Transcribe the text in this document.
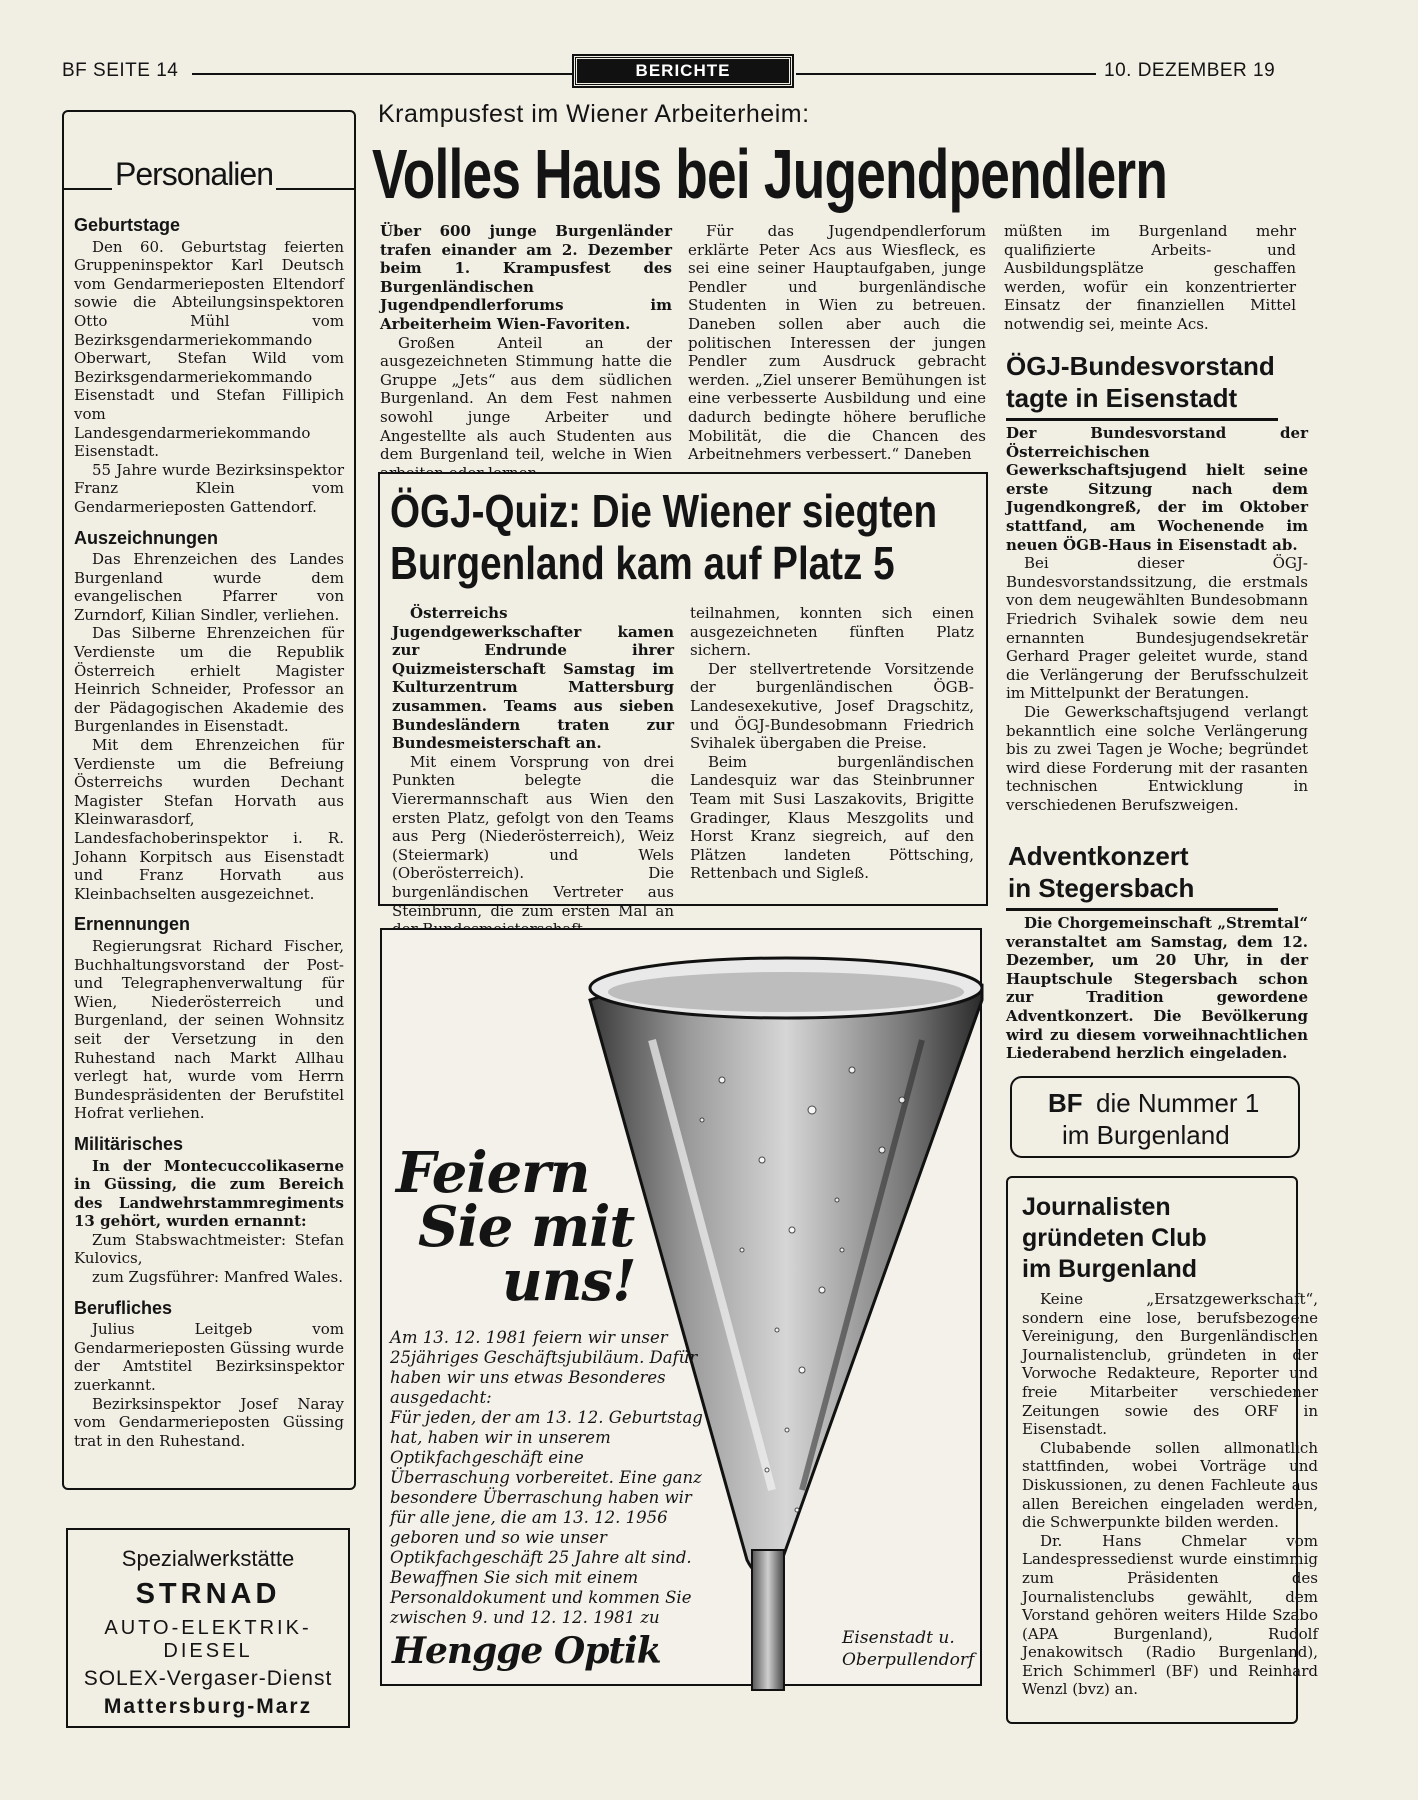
BF SEITE 14	BERICHTE	10. DEZEMBER 19
Personalien
Geburtstage

Den 60. Geburtstag feierten Gruppeninspektor Karl Deutsch vom Gendarmerieposten Eltendorf sowie die Abteilungsinspektoren Otto Mühl vom Bezirksgendarmeriekommando Oberwart, Stefan Wild vom Bezirksgendarmeriekommando Eisenstadt und Stefan Fillipich vom Landesgendarmeriekommando Eisenstadt.

55 Jahre wurde Bezirksinspektor Franz Klein vom Gendarmerieposten Gattendorf.

Auszeichnungen

Das Ehrenzeichen des Landes Burgenland wurde dem evangelischen Pfarrer von Zurndorf, Kilian Sindler, verliehen.

Das Silberne Ehrenzeichen für Verdienste um die Republik Österreich erhielt Magister Heinrich Schneider, Professor an der Pädagogischen Akademie des Burgenlandes in Eisenstadt.

Mit dem Ehrenzeichen für Verdienste um die Befreiung Österreichs wurden Dechant Magister Stefan Horvath aus Kleinwarasdorf, Landesfachoberinspektor i. R. Johann Korpitsch aus Eisenstadt und Franz Horvath aus Kleinbachselten ausgezeichnet.

Ernennungen

Regierungsrat Richard Fischer, Buchhaltungsvorstand der Post- und Telegraphenverwaltung für Wien, Niederösterreich und Burgenland, der seinen Wohnsitz seit der Versetzung in den Ruhestand nach Markt Allhau verlegt hat, wurde vom Herrn Bundespräsidenten der Berufstitel Hofrat verliehen.

Militärisches

In der Montecuccolikaserne in Güssing, die zum Bereich des Landwehrstammregiments 13 gehört, wurden ernannt:

Zum Stabswachtmeister: Stefan Kulovics,

zum Zugsführer: Manfred Wales.

Berufliches

Julius Leitgeb vom Gendarmerieposten Güssing wurde der Amtstitel Bezirksinspektor zuerkannt.

Bezirksinspektor Josef Naray vom Gendarmerieposten Güssing trat in den Ruhestand.

Spezialwerkstätte
STRNAD
AUTO-ELEKTRIK-DIESEL
SOLEX-Vergaser-Dienst
Mattersburg-Marz
Krampusfest im Wiener Arbeiterheim:
Volles Haus bei Jugendpendlern

Über 600 junge Burgenländer trafen einander am 2. Dezember beim 1. Krampusfest des Burgenländischen Jugendpendlerforums im Arbeiterheim Wien-Favoriten.

Großen Anteil an der ausgezeichneten Stimmung hatte die Gruppe „Jets“ aus dem südlichen Burgenland. An dem Fest nahmen sowohl junge Arbeiter und Angestellte als auch Studenten aus dem Burgenland teil, welche in Wien

Für das Jugendpendlerforum erklärte Peter Acs aus Wiesfleck, es sei eine seiner Hauptaufgaben, junge Pendler und burgenländische Studenten in Wien zu betreuen. Daneben sollen aber auch die politischen Interessen der jungen Pendler zum Ausdruck gebracht werden. „Ziel unserer Bemühungen ist eine verbesserte Ausbildung und eine dadurch bedingte höhere berufliche Mobilität, die die Chancen des Arbeitnehmers verbessert.“ Daneben

müßten im Burgenland mehr qualifizierte Arbeits- und Ausbildungsplätze geschaffen werden, wofür ein konzentrierter Einsatz der finanziellen Mittel notwendig sei, meinte Acs.

ÖGJ-Quiz: Die Wiener siegten
Burgenland kam auf Platz 5

Österreichs Jugendgewerkschafter kamen zur Endrunde ihrer Quizmeisterschaft Samstag im Kulturzentrum Mattersburg zusammen. Teams aus sieben Bundesländern traten zur Bundesmeisterschaft an.

Mit einem Vorsprung von drei Punkten belegte die Vierermannschaft aus Wien den ersten Platz, gefolgt von den Teams aus Perg (Niederösterreich), Weiz (Steiermark) und Wels (Oberösterreich). Die burgenländischen Vertreter aus Steinbrunn, die zum ersten Mal an

teilnahmen, konnten sich einen ausgezeichneten fünften Platz sichern.

Der stellvertretende Vorsitzende der burgenländischen ÖGB-Landesexekutive, Josef Dragschitz, und ÖGJ-Bundesobmann Friedrich Svihalek übergaben die Preise.

Beim burgenländischen Landesquiz war das Steinbrunner Team mit Susi Laszakovits, Brigitte Gradinger, Klaus Meszgolits und Horst Kranz siegreich, auf den Plätzen landeten Pöttsching, Rettenbach und Sigleß.

Feiern
Sie mit
uns!

Am 13. 12. 1981 feiern wir unser 25jähriges Geschäftsjubiläum. Dafür haben wir uns etwas Besonderes ausgedacht:

Für jeden, der am 13. 12. Geburtstag hat, haben wir in unserem Optikfachgeschäft eine Überraschung vorbereitet. Eine ganz besondere Überraschung haben wir für alle jene, die am 13. 12. 1956 geboren und so wie unser Optikfachgeschäft 25 Jahre alt sind.

Bewaffnen Sie sich mit einem Personaldokument und kommen Sie zwischen 9. und 12. 12. 1981 zu

Hengge Optik	Eisenstadt u.
Oberpullendorf
ÖGJ-Bundesvorstand
tagte in Eisenstadt

Der Bundesvorstand der Österreichischen Gewerkschaftsjugend hielt seine erste Sitzung nach dem Jugendkongreß, der im Oktober stattfand, am Wochenende im neuen ÖGB-Haus in Eisenstadt ab.

Bei dieser ÖGJ-Bundesvorstandssitzung, die erstmals von dem neugewählten Bundesobmann Friedrich Svihalek sowie dem neu ernannten Bundesjugendsekretär Gerhard Prager geleitet wurde, stand die Verlängerung der Berufsschulzeit im Mittelpunkt der Beratungen.

Die Gewerkschaftsjugend verlangt bekanntlich eine solche Verlängerung bis zu zwei Tagen je Woche; begründet wird diese Forderung mit der rasanten technischen Entwicklung in verschiedenen Berufszweigen.

Adventkonzert
in Stegersbach

Die Chorgemeinschaft „Stremtal“ veranstaltet am Samstag, dem 12. Dezember, um 20 Uhr, in der Hauptschule Stegersbach schon zur Tradition gewordene Adventkonzert. Die Bevölkerung wird zu diesem vorweihnachtlichen Liederabend herzlich eingeladen.

BF die Nummer 1
im Burgenland
Journalisten
gründeten Club
im Burgenland

Keine „Ersatzgewerkschaft“, sondern eine lose, berufsbezogene Vereinigung, den Burgenländischen Journalistenclub, gründeten in der Vorwoche Redakteure, Reporter und freie Mitarbeiter verschiedener Zeitungen sowie des ORF in Eisenstadt.

Clubabende sollen allmonatlich stattfinden, wobei Vorträge und Diskussionen, zu denen Fachleute aus allen Bereichen eingeladen werden, die Schwerpunkte bilden werden.

Dr. Hans Chmelar vom Landespressedienst wurde einstimmig zum Präsidenten des Journalistenclubs gewählt, dem Vorstand gehören weiters Hilde Szabo (APA Burgenland), Rudolf Jenakowitsch (Radio Burgenland), Erich Schimmerl (BF) und Reinhard Wenzl (bvz) an.
